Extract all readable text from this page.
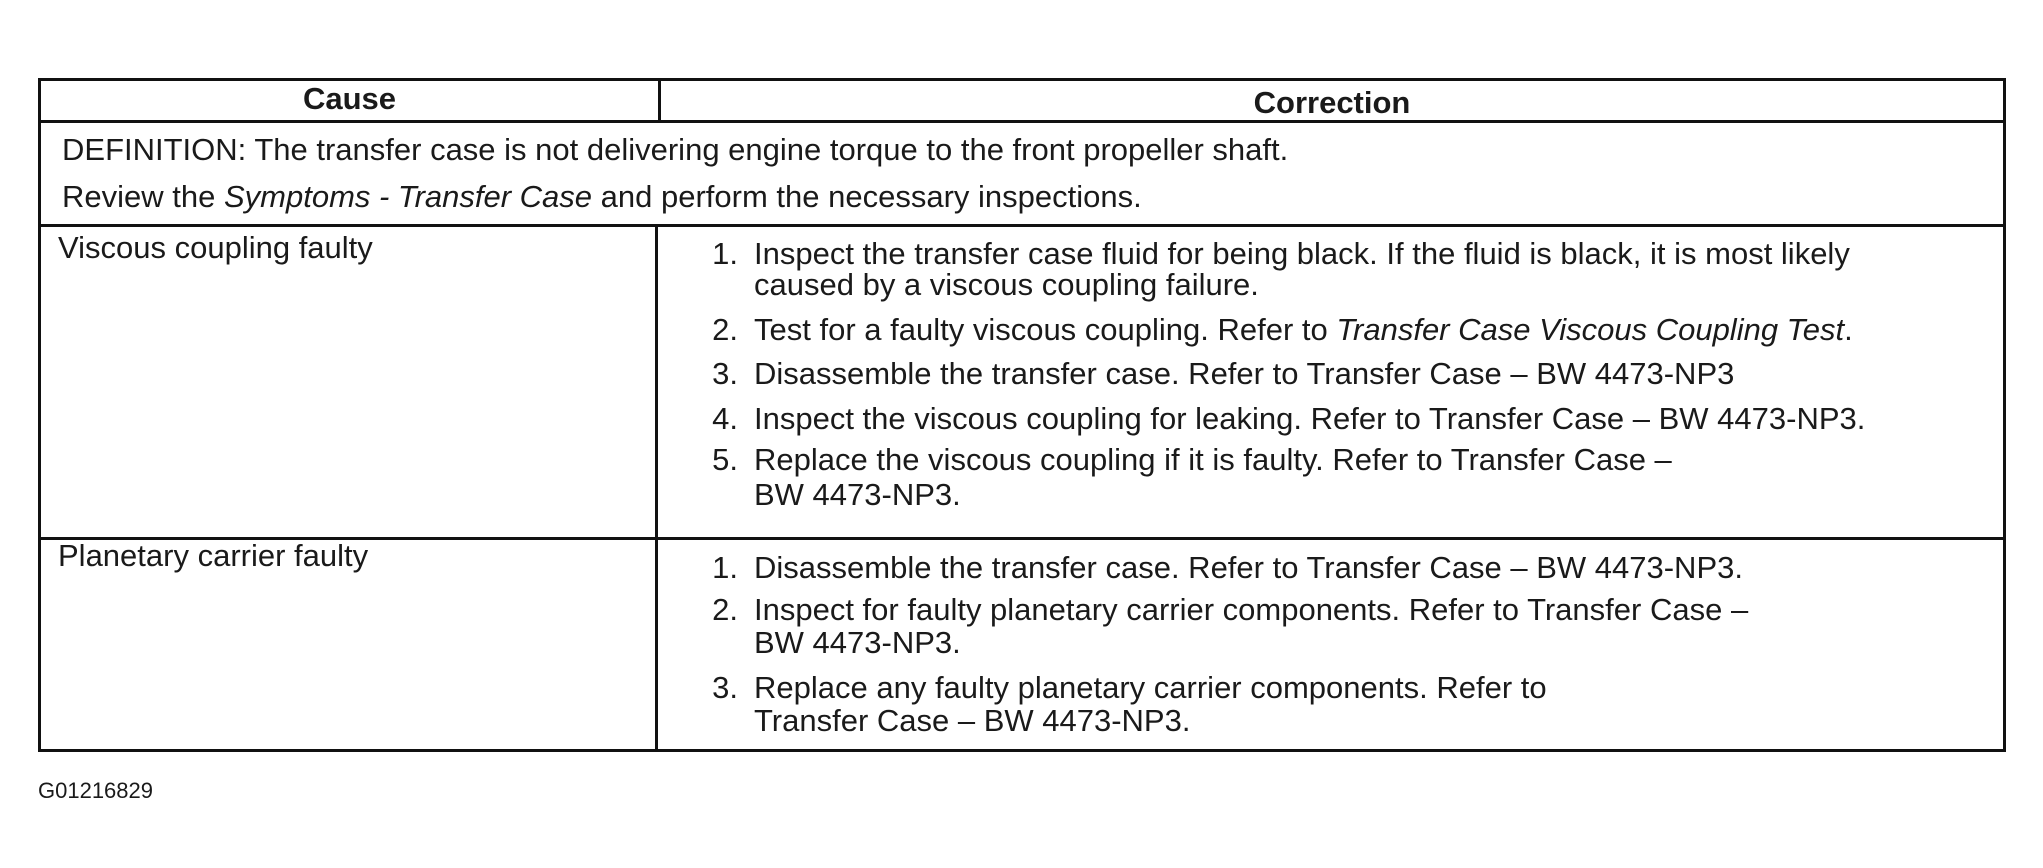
Cause	Correction
DEFINITION: The transfer case is not delivering engine torque to the front propeller shaft.
Review the Symptoms - Transfer Case and perform the necessary inspections.
Viscous coupling faulty	1. Inspect the transfer case fluid for being black. If the fluid is black, it is most likely
caused by a viscous coupling failure.
2. Test for a faulty viscous coupling. Refer to Transfer Case Viscous Coupling Test.
3. Disassemble the transfer case. Refer to Transfer Case – BW 4473-NP3
4. Inspect the viscous coupling for leaking. Refer to Transfer Case – BW 4473-NP3.
5. Replace the viscous coupling if it is faulty. Refer to Transfer Case –
BW 4473-NP3.
Planetary carrier faulty	1. Disassemble the transfer case. Refer to Transfer Case – BW 4473-NP3.
2. Inspect for faulty planetary carrier components. Refer to Transfer Case –
BW 4473-NP3.
3. Replace any faulty planetary carrier components. Refer to
Transfer Case – BW 4473-NP3.
G01216829
